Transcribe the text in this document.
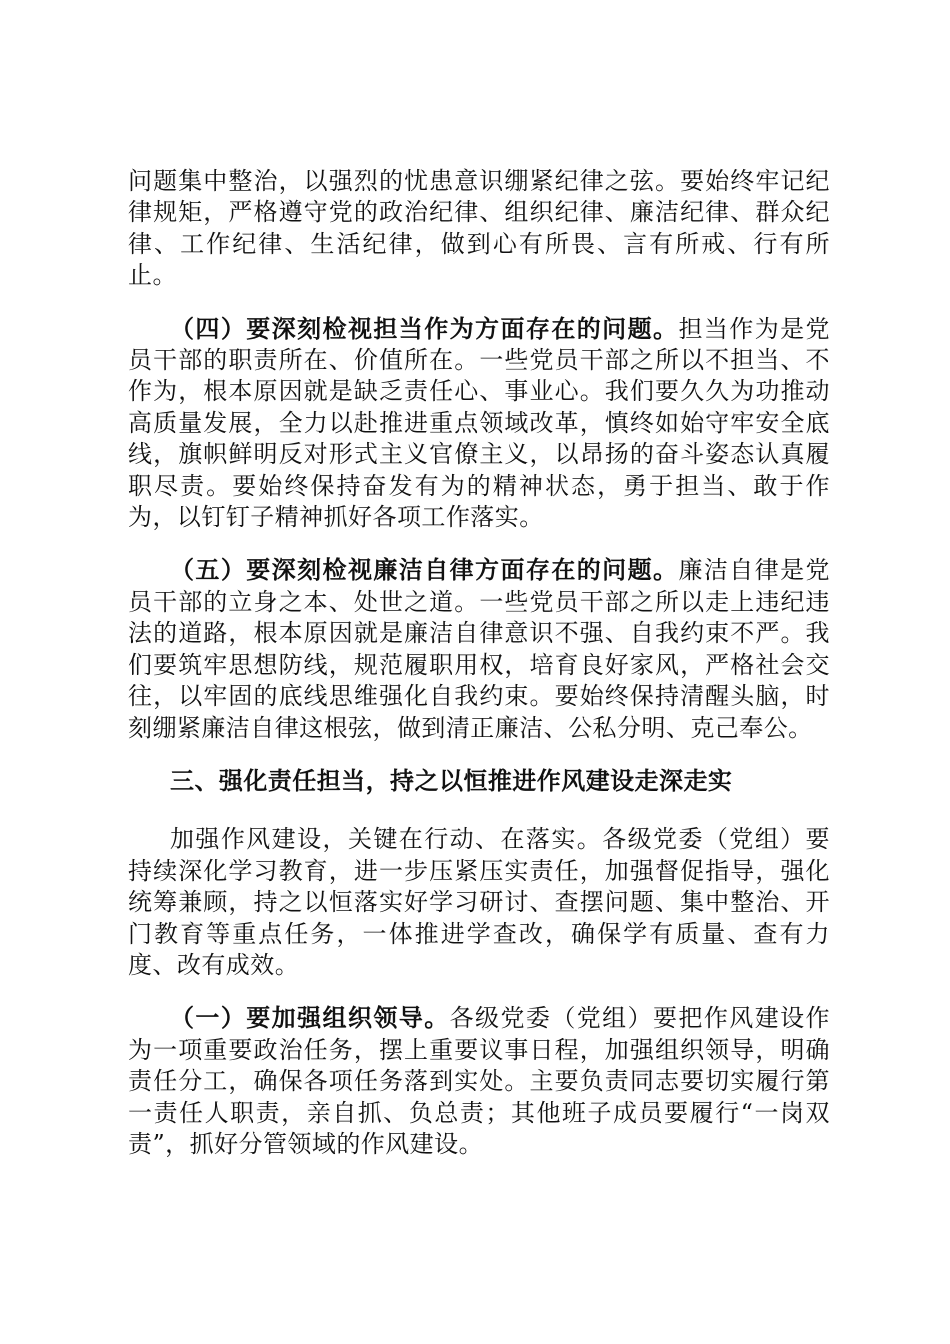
问题集中整治，以强烈的忧患意识绷紧纪律之弦。要始终牢记纪律规矩，严格遵守党的政治纪律、组织纪律、廉洁纪律、群众纪律、工作纪律、生活纪律，做到心有所畏、言有所戒、行有所止。

（四）要深刻检视担当作为方面存在的问题。担当作为是党员干部的职责所在、价值所在。一些党员干部之所以不担当、不作为，根本原因就是缺乏责任心、事业心。我们要久久为功推动高质量发展，全力以赴推进重点领域改革，慎终如始守牢安全底线，旗帜鲜明反对形式主义官僚主义，以昂扬的奋斗姿态认真履职尽责。要始终保持奋发有为的精神状态，勇于担当、敢于作为，以钉钉子精神抓好各项工作落实。

（五）要深刻检视廉洁自律方面存在的问题。廉洁自律是党员干部的立身之本、处世之道。一些党员干部之所以走上违纪违法的道路，根本原因就是廉洁自律意识不强、自我约束不严。我们要筑牢思想防线，规范履职用权，培育良好家风，严格社会交往，以牢固的底线思维强化自我约束。要始终保持清醒头脑，时刻绷紧廉洁自律这根弦，做到清正廉洁、公私分明、克己奉公。

三、强化责任担当，持之以恒推进作风建设走深走实

加强作风建设，关键在行动、在落实。各级党委（党组）要持续深化学习教育，进一步压紧压实责任，加强督促指导，强化统筹兼顾，持之以恒落实好学习研讨、查摆问题、集中整治、开门教育等重点任务，一体推进学查改，确保学有质量、查有力度、改有成效。

（一）要加强组织领导。各级党委（党组）要把作风建设作为一项重要政治任务，摆上重要议事日程，加强组织领导，明确责任分工，确保各项任务落到实处。主要负责同志要切实履行第一责任人职责，亲自抓、负总责；其他班子成员要履行“一岗双责”，抓好分管领域的作风建设。
